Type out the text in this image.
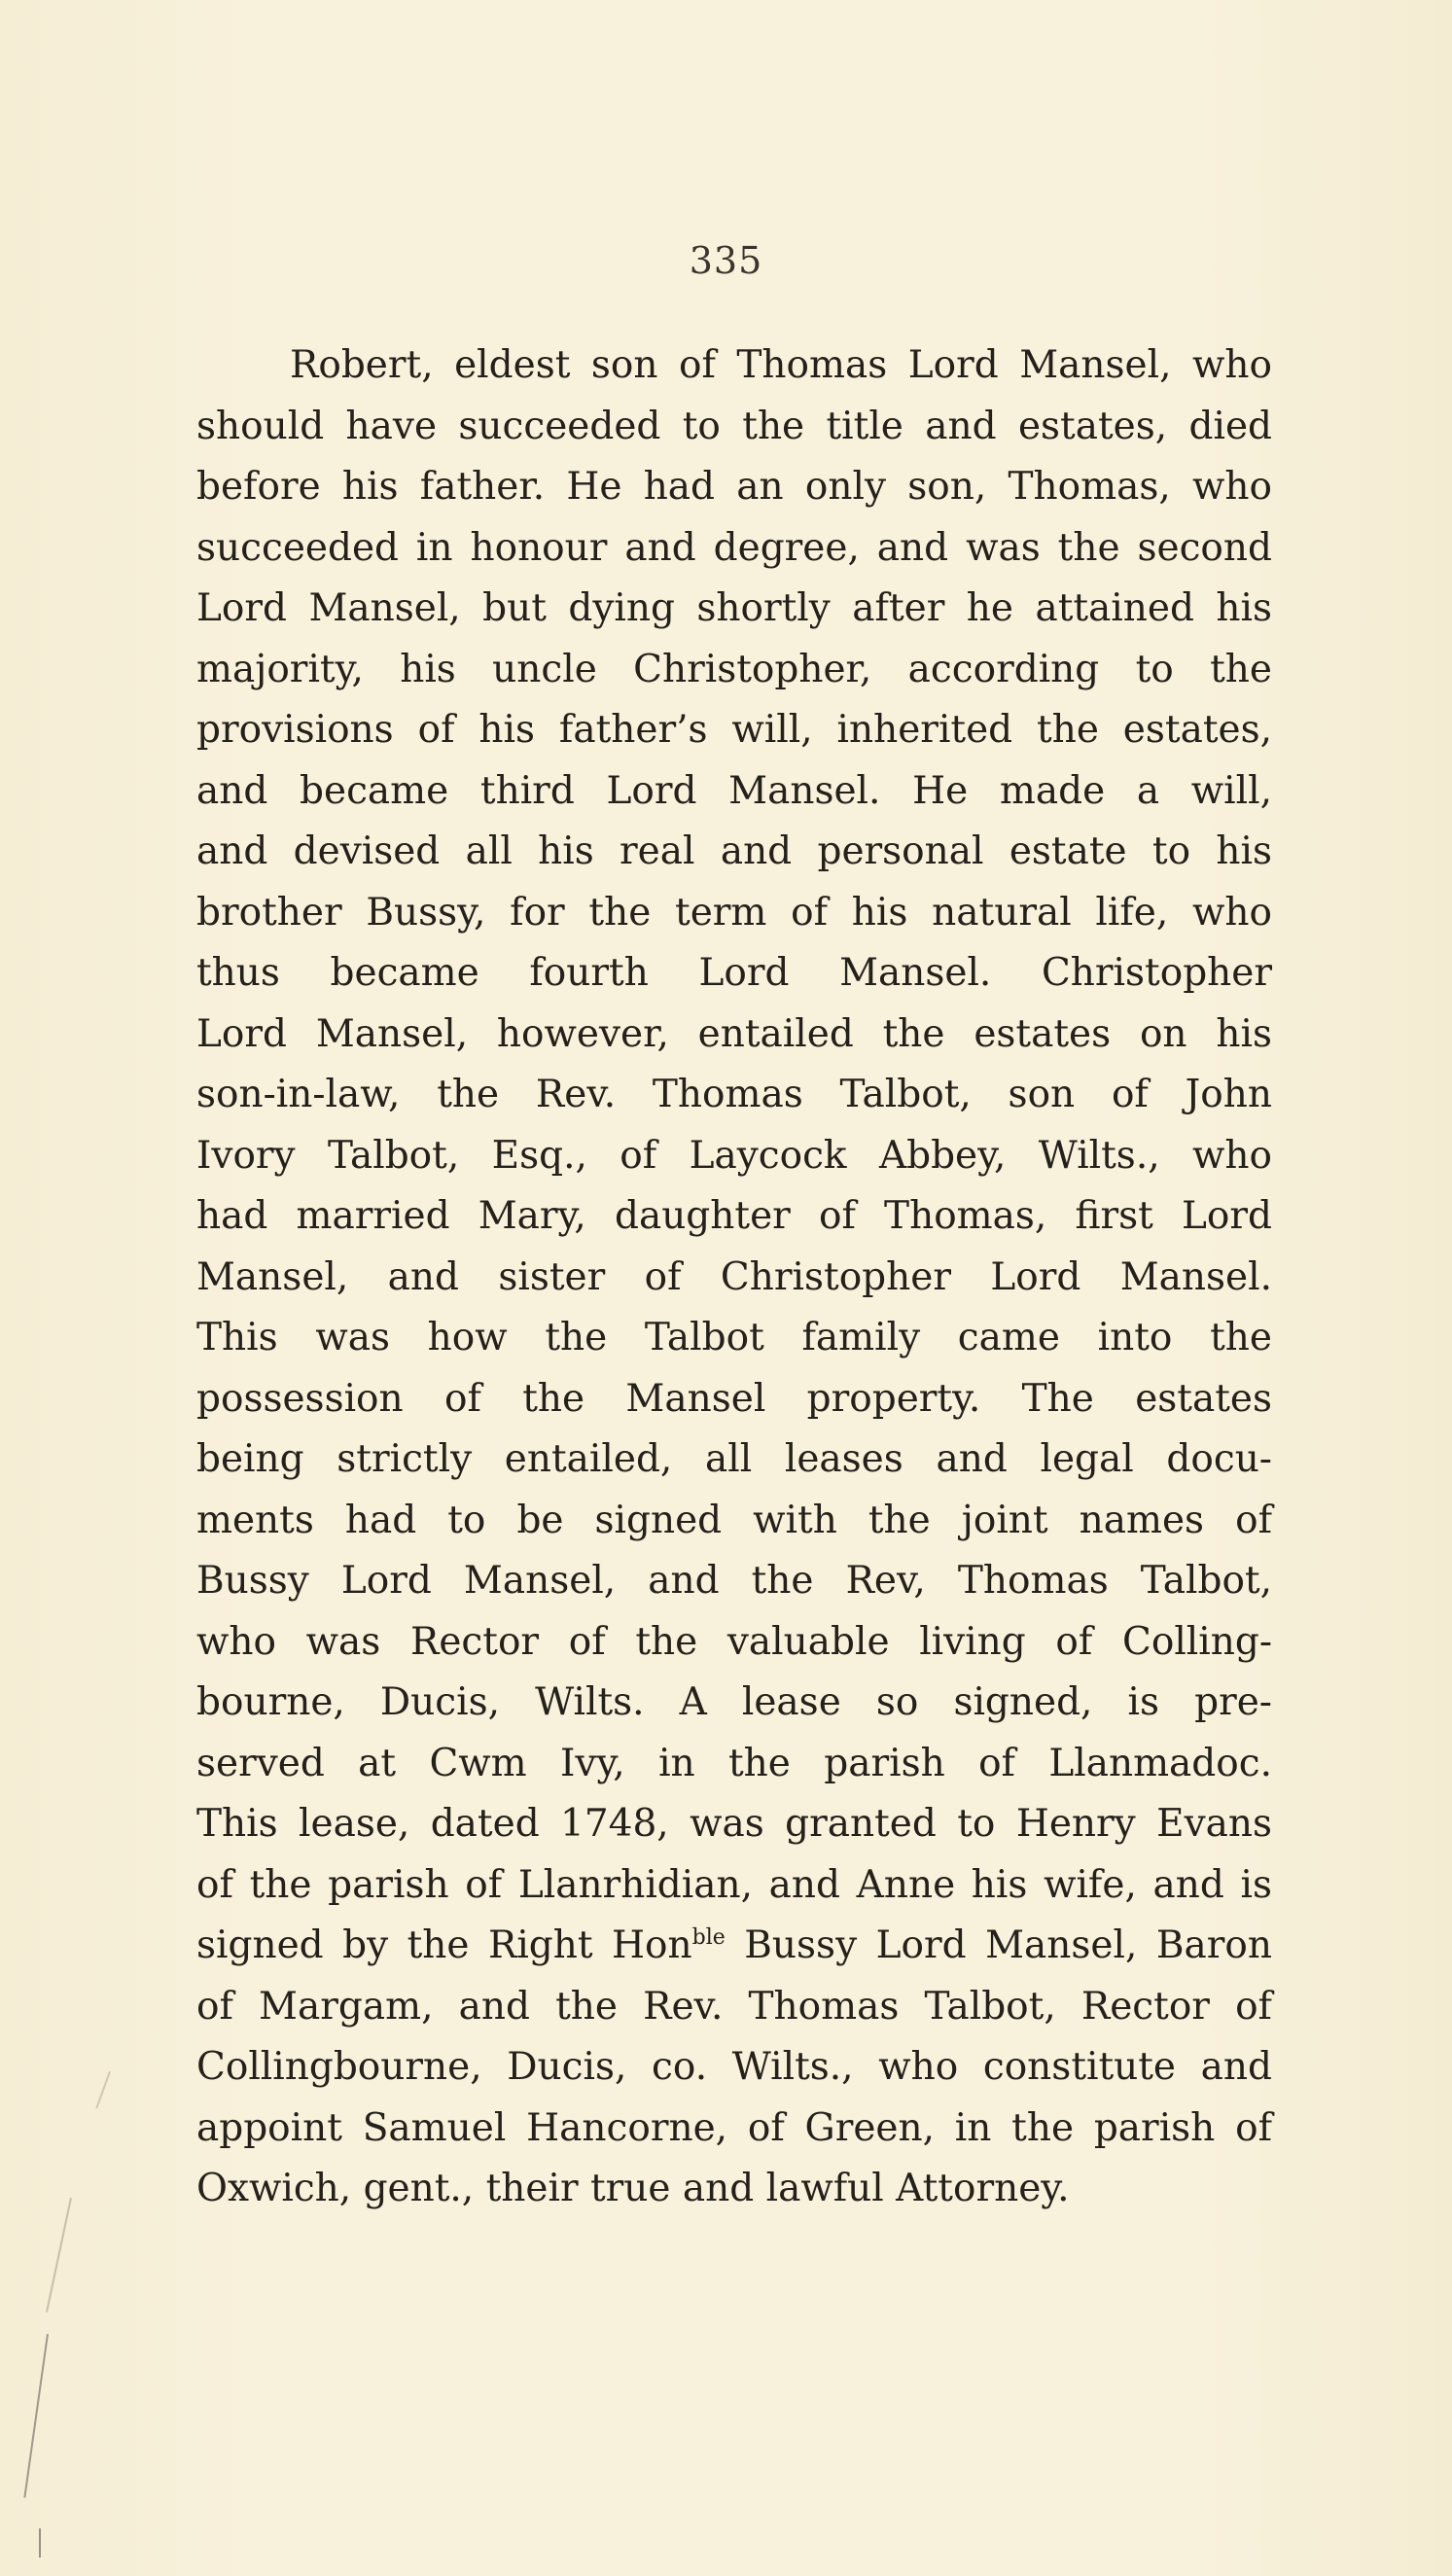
335
Robert, eldest son of Thomas Lord Mansel, who
should have succeeded to the title and estates, died
before his father. He had an only son, Thomas, who
succeeded in honour and degree, and was the second
Lord Mansel, but dying shortly after he attained his
majority, his uncle Christopher, according to the
provisions of his father’s will, inherited the estates,
and became third Lord Mansel. He made a will,
and devised all his real and personal estate to his
brother Bussy, for the term of his natural life, who
thus became fourth Lord Mansel. Christopher
Lord Mansel, however, entailed the estates on his
son-in-law, the Rev. Thomas Talbot, son of John
Ivory Talbot, Esq., of Laycock Abbey, Wilts., who
had married Mary, daughter of Thomas, first Lord
Mansel, and sister of Christopher Lord Mansel.
This was how the Talbot family came into the
possession of the Mansel property. The estates
being strictly entailed, all leases and legal docu-
ments had to be signed with the joint names of
Bussy Lord Mansel, and the Rev, Thomas Talbot,
who was Rector of the valuable living of Colling-
bourne, Ducis, Wilts. A lease so signed, is pre-
served at Cwm Ivy, in the parish of Llanmadoc.
This lease, dated 1748, was granted to Henry Evans
of the parish of Llanrhidian, and Anne his wife, and is
signed by the Right Hon$^{ble}$ Bussy Lord Mansel, Baron
of Margam, and the Rev. Thomas Talbot, Rector of
Collingbourne, Ducis, co. Wilts., who constitute and
appoint Samuel Hancorne, of Green, in the parish of
Oxwich, gent., their true and lawful Attorney.
